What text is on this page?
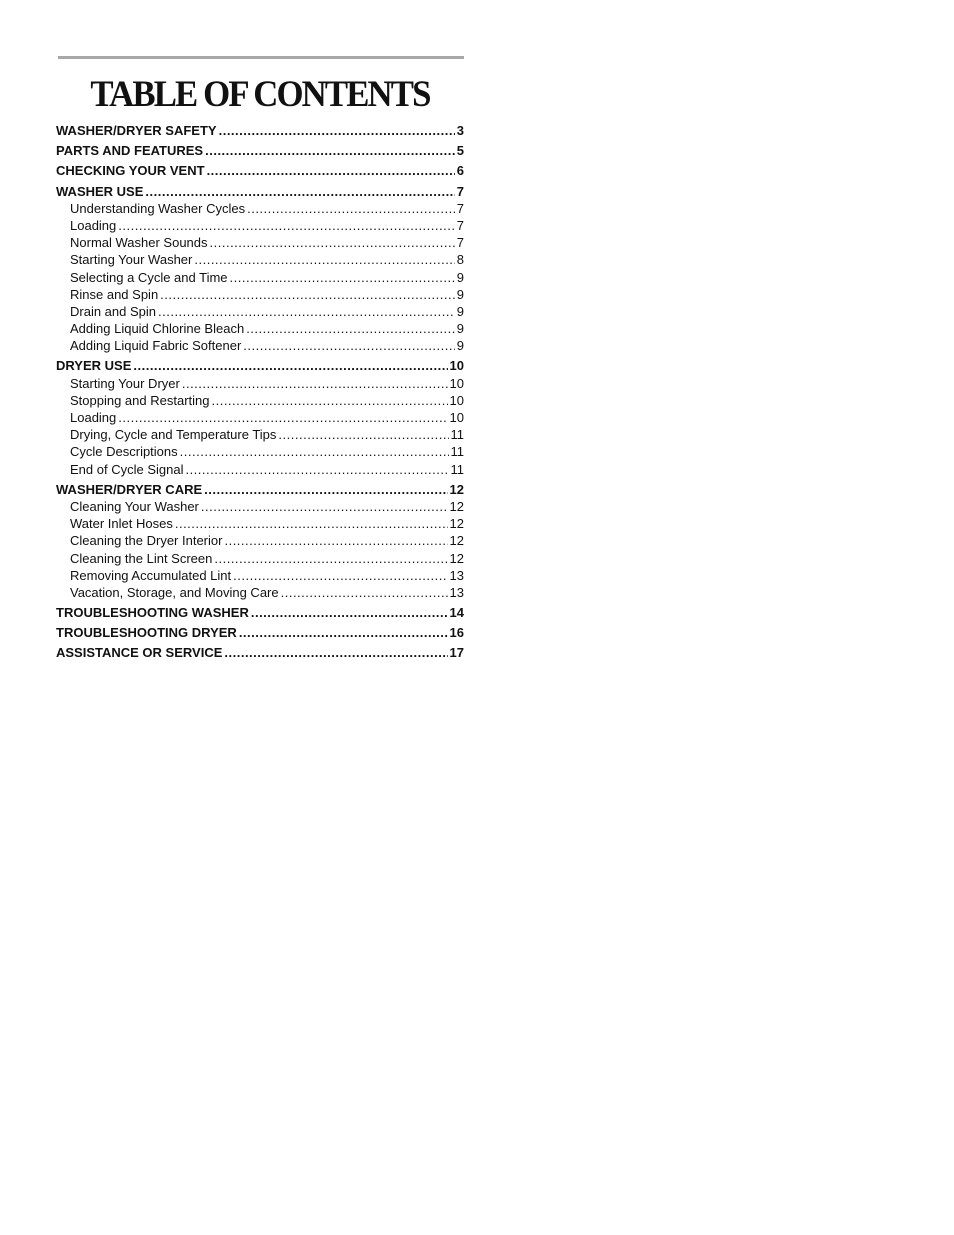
TABLE OF CONTENTS
WASHER/DRYER SAFETY .....	3
PARTS AND FEATURES .....	5
CHECKING YOUR VENT .....	6
WASHER USE .....	7
Understanding Washer Cycles .....	7
Loading .....	7
Normal Washer Sounds .....	7
Starting Your Washer .....	8
Selecting a Cycle and Time .....	9
Rinse and Spin .....	9
Drain and Spin .....	9
Adding Liquid Chlorine Bleach .....	9
Adding Liquid Fabric Softener .....	9
DRYER USE .....	10
Starting Your Dryer .....	10
Stopping and Restarting .....	10
Loading .....	10
Drying, Cycle and Temperature Tips .....	11
Cycle Descriptions .....	11
End of Cycle Signal .....	11
WASHER/DRYER CARE .....	12
Cleaning Your Washer .....	12
Water Inlet Hoses .....	12
Cleaning the Dryer Interior .....	12
Cleaning the Lint Screen .....	12
Removing Accumulated Lint .....	13
Vacation, Storage, and Moving Care .....	13
TROUBLESHOOTING WASHER .....	14
TROUBLESHOOTING DRYER .....	16
ASSISTANCE OR SERVICE .....	17
